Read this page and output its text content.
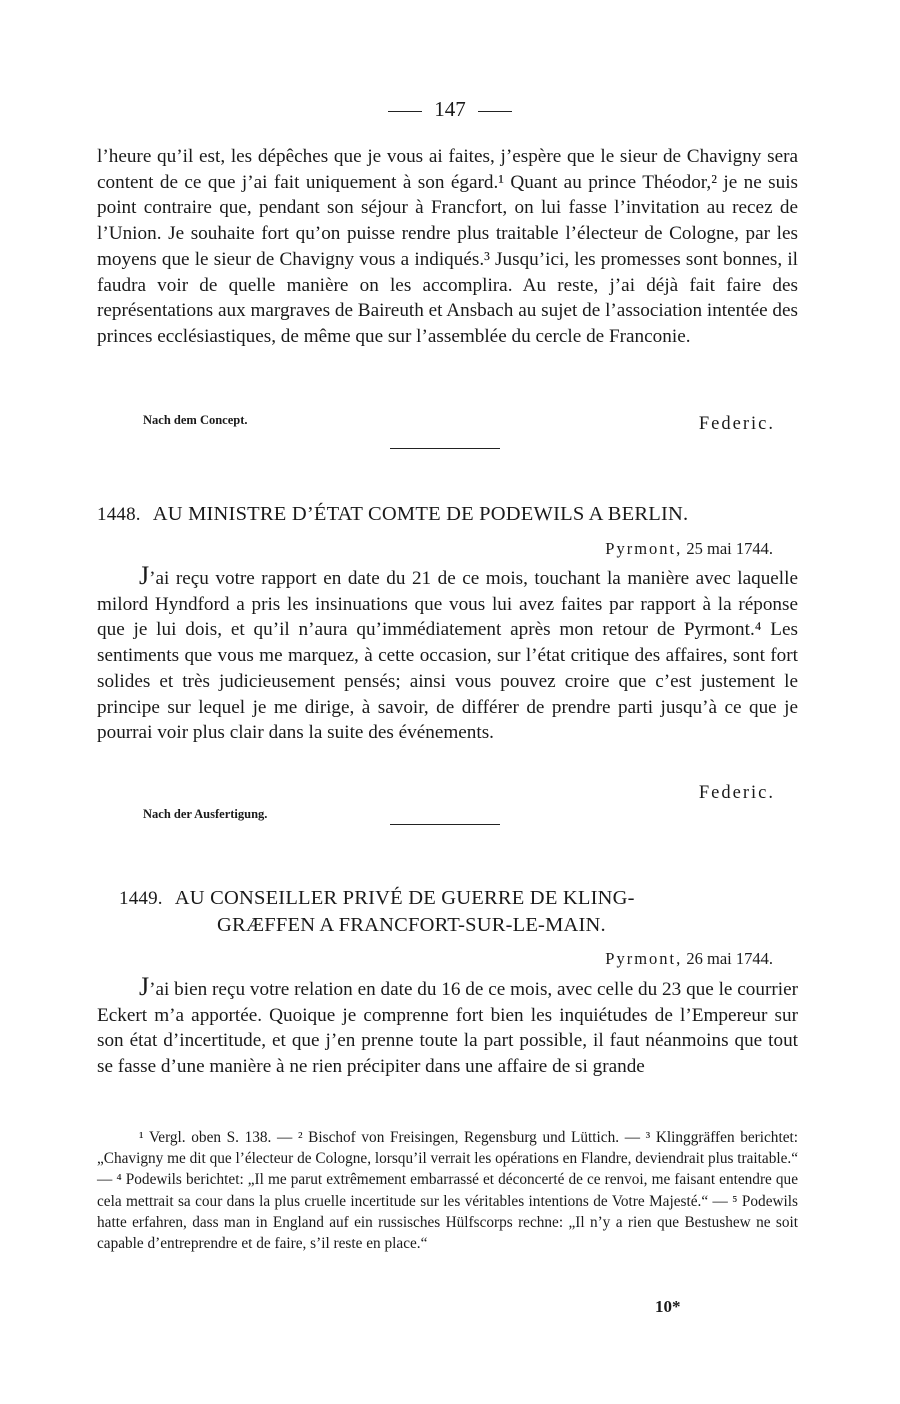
147

l’heure qu’il est, les dépêches que je vous ai faites, j’espère que le sieur de Chavigny sera content de ce que j’ai fait uniquement à son égard.¹ Quant au prince Théodor,² je ne suis point contraire que, pendant son séjour à Francfort, on lui fasse l’invitation au recez de l’Union. Je souhaite fort qu’on puisse rendre plus traitable l’électeur de Cologne, par les moyens que le sieur de Chavigny vous a indiqués.³ Jusqu’ici, les promesses sont bonnes, il faudra voir de quelle manière on les accomplira. Au reste, j’ai déjà fait faire des représentations aux margraves de Baireuth et Ansbach au sujet de l’association intentée des princes ecclésiastiques, de même que sur l’assemblée du cercle de Franconie.

Nach dem Concept.	Federic.
1448. AU MINISTRE D’ÉTAT COMTE DE PODEWILS A BERLIN.
Pyrmont, 25 mai 1744.

J’ai reçu votre rapport en date du 21 de ce mois, touchant la manière avec laquelle milord Hyndford a pris les insinuations que vous lui avez faites par rapport à la réponse que je lui dois, et qu’il n’aura qu’immédiatement après mon retour de Pyrmont.⁴ Les sentiments que vous me marquez, à cette occasion, sur l’état critique des affaires, sont fort solides et très judicieusement pensés; ainsi vous pouvez croire que c’est justement le principe sur lequel je me dirige, à savoir, de différer de prendre parti jusqu’à ce que je pourrai voir plus clair dans la suite des événements.

Federic.
Nach der Ausfertigung.
1449. AU CONSEILLER PRIVÉ DE GUERRE DE KLING-
GRÆFFEN A FRANCFORT-SUR-LE-MAIN.
Pyrmont, 26 mai 1744.

J’ai bien reçu votre relation en date du 16 de ce mois, avec celle du 23 que le courrier Eckert m’a apportée. Quoique je comprenne fort bien les inquiétudes de l’Empereur sur son état d’incertitude, et que j’en prenne toute la part possible, il faut néanmoins que tout se fasse d’une manière à ne rien précipiter dans une affaire de si grande

¹ Vergl. oben S. 138. — ² Bischof von Freisingen, Regensburg und Lüttich. — ³ Klinggräffen berichtet: „Chavigny me dit que l’électeur de Cologne, lorsqu’il verrait les opérations en Flandre, deviendrait plus traitable.“ — ⁴ Podewils berichtet: „Il me parut extrêmement embarrassé et déconcerté de ce renvoi, me faisant entendre que cela mettrait sa cour dans la plus cruelle incertitude sur les véritables intentions de Votre Majesté.“ — ⁵ Podewils hatte erfahren, dass man in England auf ein russisches Hülfscorps rechne: „Il n’y a rien que Bestushew ne soit capable d’entreprendre et de faire, s’il reste en place.“

10*
